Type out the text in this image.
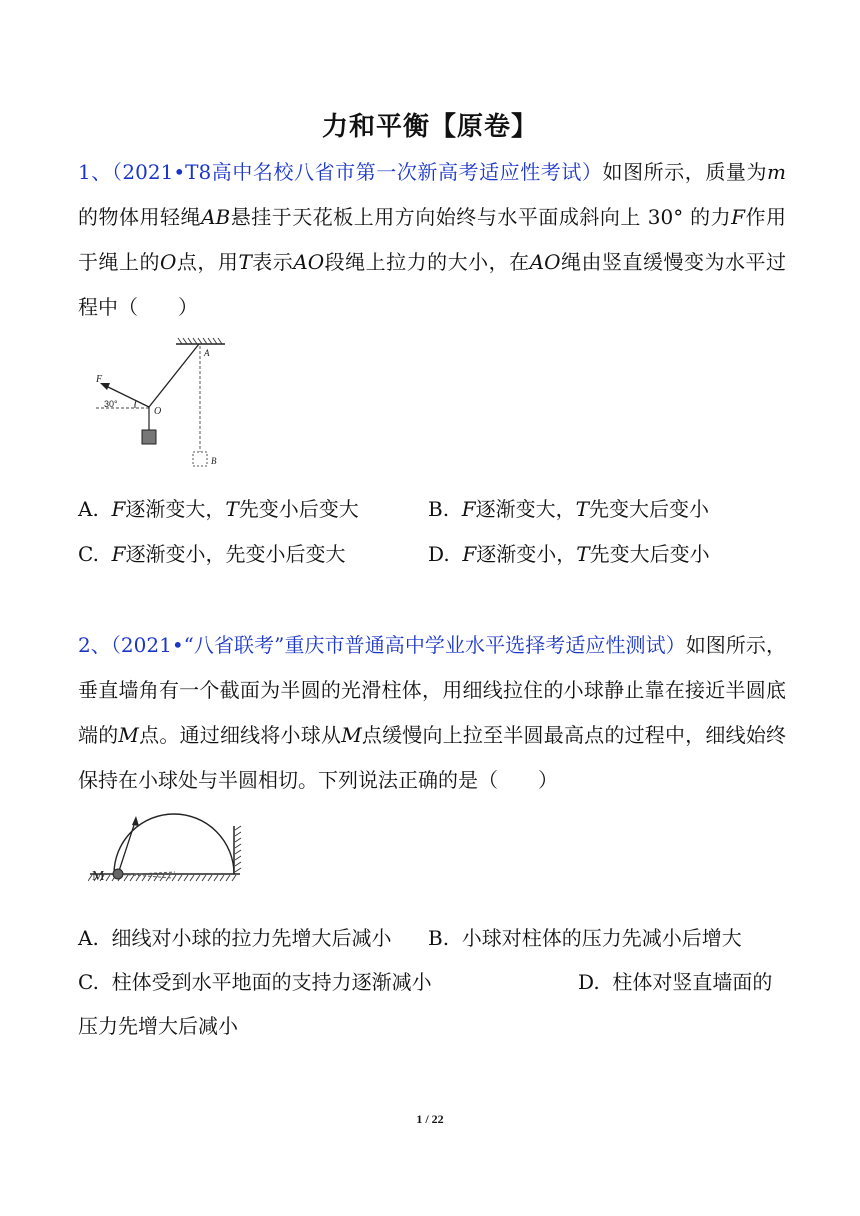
力和平衡【原卷】

1、（2021•T8高中名校八省市第一次新高考适应性考试）如图所示，质量为m的物体用轻绳AB悬挂于天花板上用方向始终与水平面成斜向上 30° 的力F作用于绳上的O点，用T表示AO段绳上拉力的大小，在AO绳由竖直缓慢变为水平过程中（　　）

F
30°
O
A
B
A. F逐渐变大，T先变小后变大	B. F逐渐变大，T先变大后变小
C. F逐渐变小，先变小后变大	D. F逐渐变小，T先变大后变小

2、（2021•“八省联考”重庆市普通高中学业水平选择考适应性测试）如图所示，垂直墙角有一个截面为半圆的光滑柱体，用细线拉住的小球静止靠在接近半圆底端的M点。通过细线将小球从M点缓慢向上拉至半圆最高点的过程中，细线始终保持在小球处与半圆相切。下列说法正确的是（　　）

M
A. 细线对小球的拉力先增大后减小 B. 小球对柱体的压力先减小后增大
C. 柱体受到水平地面的支持力逐渐减小	D. 柱体对竖直墙面的
压力先增大后减小
1 / 22
